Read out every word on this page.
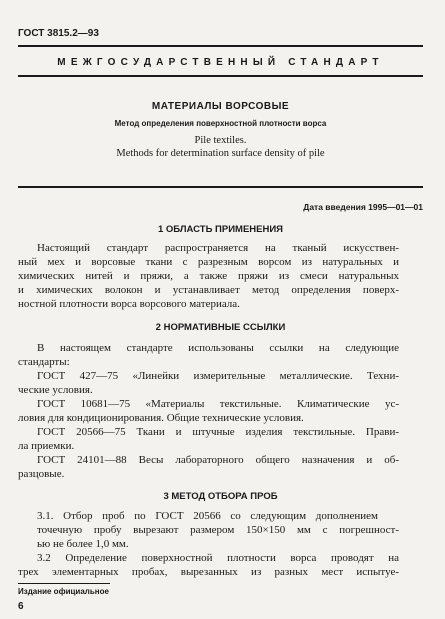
ГОСТ 3815.2—93
МЕЖГОСУДАРСТВЕННЫЙ СТАНДАРТ
МАТЕРИАЛЫ ВОРСОВЫЕ
Метод определения поверхностной плотности ворса
Pile textiles.
Methods for determination surface density of pile
Дата введения 1995—01—01
1 ОБЛАСТЬ ПРИМЕНЕНИЯ
Настоящий стандарт распространяется на тканый искусствен-
ный мех и ворсовые ткани с разрезным ворсом из натуральных и
химических нитей и пряжи, а также пряжи из смеси натуральных
и химических волокон и устанавливает метод определения поверх-
ностной плотности ворса ворсового материала.
2 НОРМАТИВНЫЕ ССЫЛКИ
В настоящем стандарте использованы ссылки на следующие
стандарты:
ГОСТ 427—75 «Линейки измерительные металлические. Техни-
ческие условия.
ГОСТ 10681—75 «Материалы текстильные. Климатические ус-
ловия для кондиционирования. Общие технические условия.
ГОСТ 20566—75 Ткани и штучные изделия текстильные. Прави-
ла приемки.
ГОСТ 24101—88 Весы лабораторного общего назначения и об-
разцовые.
3 МЕТОД ОТБОРА ПРОБ
3.1. Отбор проб по ГОСТ 20566 со следующим дополнением
точечную пробу вырезают размером 150×150 мм с погрешност-
ью не более 1,0 мм.
3.2 Определение поверхностной плотности ворса проводят на
трех элементарных пробах, вырезанных из разных мест испытуе-
Издание официальное
6
